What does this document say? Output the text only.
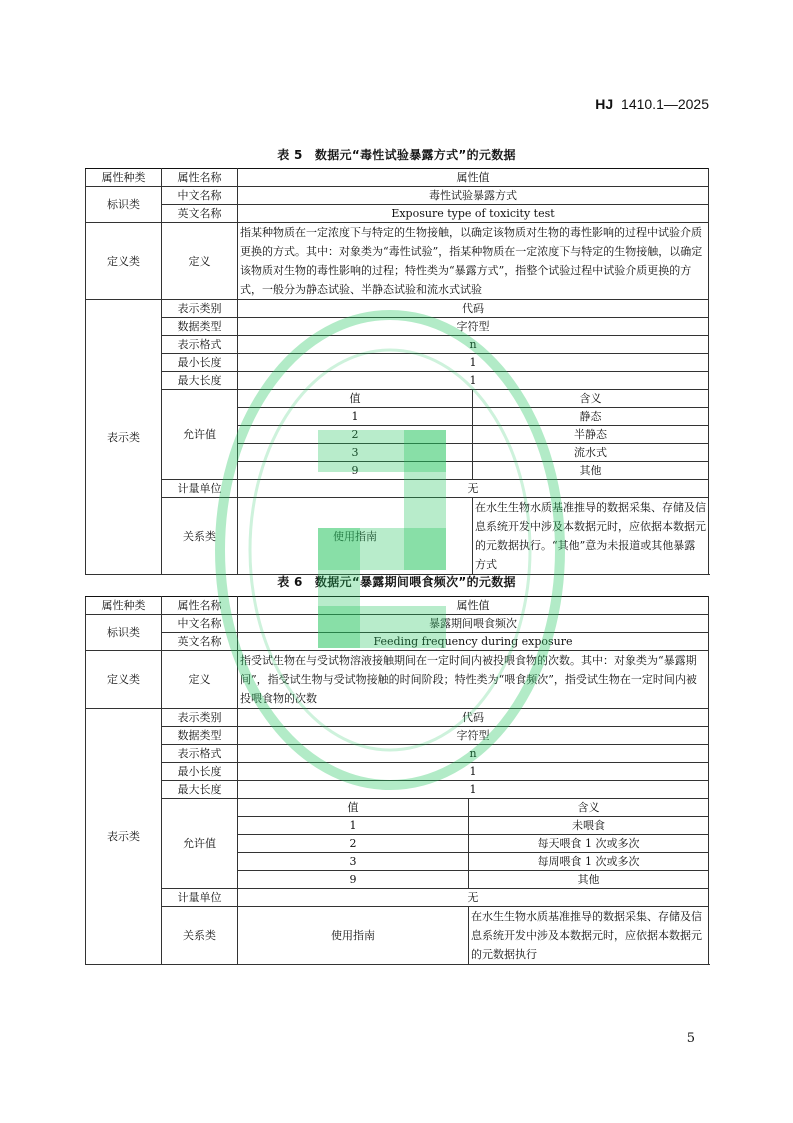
HJ 1410.1—2025
表 5　数据元“毒性试验暴露方式”的元数据
属性种类	属性名称	属性值	
标识类	中文名称	毒性试验暴露方式	
	英文名称	Exposure type of toxicity test	
定义类	定义	指某种物质在一定浓度下与特定的生物接触，以确定该物质对生物的毒性影响的过程中试验介质更换的方式。其中：对象类为“毒性试验”，指某种物质在一定浓度下与特定的生物接触，以确定该物质对生物的毒性影响的过程；特性类为“暴露方式”，指整个试验过程中试验介质更换的方式，一般分为静态试验、半静态试验和流水式试验	
表示类	表示类别	代码	
	数据类型	字符型	
	表示格式	n	
	最小长度	1	
	最大长度	1	
	允许值	值	含义
		1	静态
		2	半静态
		3	流水式
		9	其他
	计量单位	无	
	关系类	使用指南	在水生生物水质基准推导的数据采集、存储及信息系统开发中涉及本数据元时，应依据本数据元的元数据执行。“其他”意为未报道或其他暴露方式
表 6　数据元“暴露期间喂食频次”的元数据
属性种类	属性名称	属性值	
标识类	中文名称	暴露期间喂食频次	
	英文名称	Feeding frequency during exposure	
定义类	定义	指受试生物在与受试物溶液接触期间在一定时间内被投喂食物的次数。其中：对象类为“暴露期间”，指受试生物与受试物接触的时间阶段；特性类为“喂食频次”，指受试生物在一定时间内被投喂食物的次数	
表示类	表示类别	代码	
	数据类型	字符型	
	表示格式	n	
	最小长度	1	
	最大长度	1	
	允许值	值	含义
		1	未喂食
		2	每天喂食 1 次或多次
		3	每周喂食 1 次或多次
		9	其他
	计量单位	无	
	关系类	使用指南	在水生生物水质基准推导的数据采集、存储及信息系统开发中涉及本数据元时，应依据本数据元的元数据执行
5
